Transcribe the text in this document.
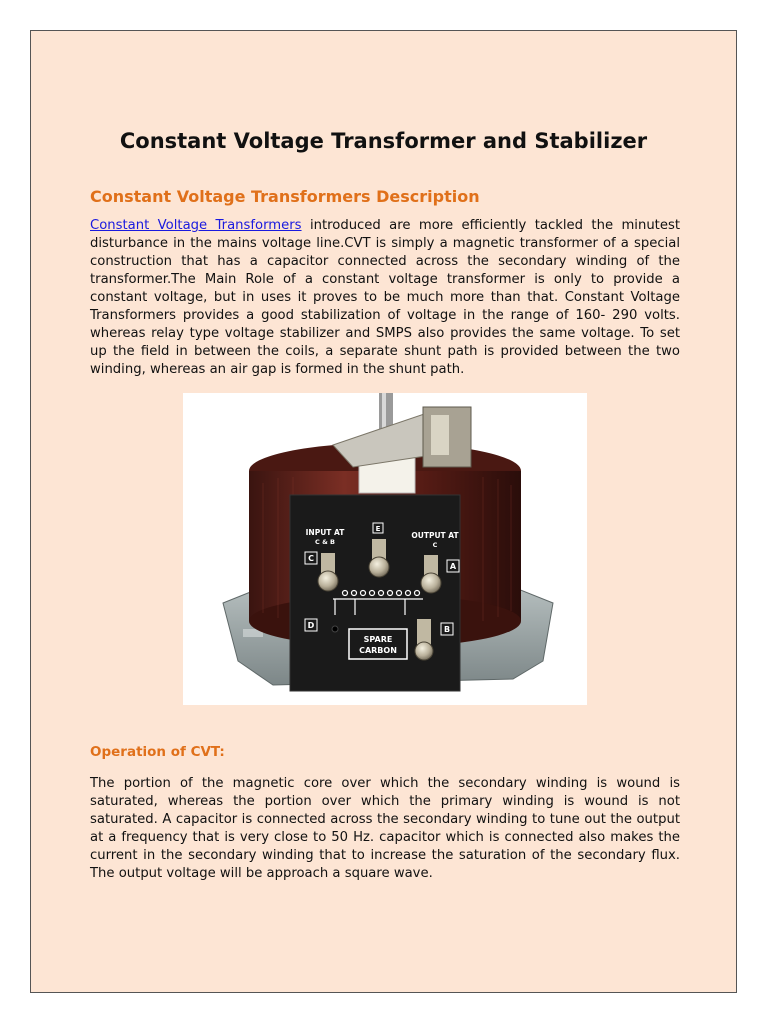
Constant Voltage Transformer and Stabilizer
Constant Voltage Transformers Description

Constant Voltage Transformers introduced are more efficiently tackled the minutest disturbance in the mains voltage line.CVT is simply a magnetic transformer of a special construction that has a capacitor connected across the secondary winding of the transformer.The Main Role of a constant voltage transformer is only to provide a constant voltage, but in uses it proves to be much more than that. Constant Voltage Transformers provides a good stabilization of voltage in the range of 160- 290 volts. whereas relay type voltage stabilizer and SMPS also provides the same voltage. To set up the field in between the coils, a separate shunt path is provided between the two winding, whereas an air gap is formed in the shunt path.

INPUT AT
C & B
E
OUTPUT AT
C
C
A
D	B
SPARE
CARBON
Operation of CVT:

The portion of the magnetic core over which the secondary winding is wound is saturated, whereas the portion over which the primary winding is wound is not saturated. A capacitor is connected across the secondary winding to tune out the output at a frequency that is very close to 50 Hz. capacitor which is connected also makes the current in the secondary winding that to increase the saturation of the secondary flux. The output voltage will be approach a square wave.
